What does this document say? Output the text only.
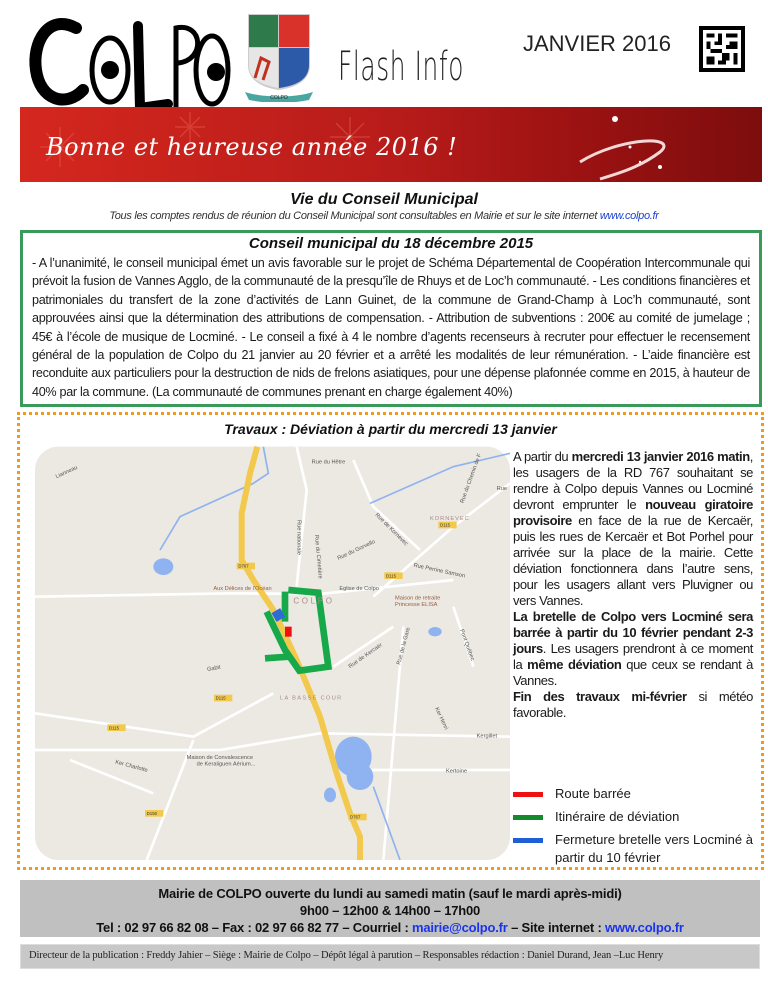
COLPO
Flash Info
JANVIER 2016
Bonne et heureuse année 2016 !
Vie du Conseil Municipal
Tous les comptes rendus de réunion du Conseil Municipal sont consultables en Mairie et sur le site internet www.colpo.fr
Conseil municipal du 18 décembre 2015

- A l’unanimité, le conseil municipal émet un avis favorable sur le projet de Schéma Départemental de Coopération Intercommunale qui prévoit la fusion de Vannes Agglo, de la communauté de la presqu’île de Rhuys et de Loc’h communauté. - Les conditions financières et patrimoniales du transfert de la zone d’activités de Lann Guinet, de la commune de Grand-Champ à Loc’h communauté, sont approuvées ainsi que la détermination des attributions de compensation. - Attribution de subventions : 200€ au comité de jumelage ; 45€ à l’école de musique de Locminé. - Le conseil a fixé à 4 le nombre d’agents recenseurs à recruter pour effectuer le recensement général de la population de Colpo du 21 janvier au 20 février et a arrêté les modalités de leur rémunération. - L’aide financière est reconduite aux particuliers pour la destruction de nids de frelons asiatiques, pour une dépense plafonnée comme en 2015, à hauteur de 40% par la commune. (La communauté de communes prenant en charge également 40%)

Travaux : Déviation à partir du mercredi 13 janvier
Rue du Hêtre
Lianneau
KORNEVEC
Rue de Kornevec
Rue du Chemin de F Rue
Rue nationale Rue du Cimetière Rue du Gorvello
Rue Perrine Samson
Aux Délices de l'Océan	Eglise de Colpo
COLPO	Maison de retraite
Princesse ELISA
Rue de la Gare	Pont Québec
Rue de Kercaër
Gabit
LA BASSE COUR
Ker Henri
Kergillet
Maison de Convalescence
de Keraliguen Aérium...
Ker Charlotte	Kertoine
D767
D115
D115
D115
D115
D150
D767

A partir du mercredi 13 janvier 2016 matin, les usagers de la RD 767 souhaitant se rendre à Colpo depuis Vannes ou Locminé devront emprunter le nouveau giratoire provisoire en face de la rue de Kercaër, puis les rues de Kercaër et Bot Porhel pour arrivée sur la place de la mairie. Cette déviation fonctionnera dans l’autre sens, pour les usagers allant vers Pluvigner ou vers Vannes.

La bretelle de Colpo vers Locminé sera barrée à partir du 10 février pendant 2-3 jours. Les usagers prendront à ce moment la même déviation que ceux se rendant à Vannes.

Fin des travaux mi-février si météo favorable.

Route barrée
Itinéraire de déviation
Fermeture bretelle vers Locminé à partir du 10 février
Mairie de COLPO ouverte du lundi au samedi matin (sauf le mardi après-midi)
9h00 – 12h00 & 14h00 – 17h00
Tel : 02 97 66 82 08 – Fax : 02 97 66 82 77 – Courriel : mairie@colpo.fr – Site internet : www.colpo.fr
Directeur de la publication : Freddy Jahier – Siège : Mairie de Colpo – Dépôt légal à parution – Responsables rédaction : Daniel Durand, Jean –Luc Henry
